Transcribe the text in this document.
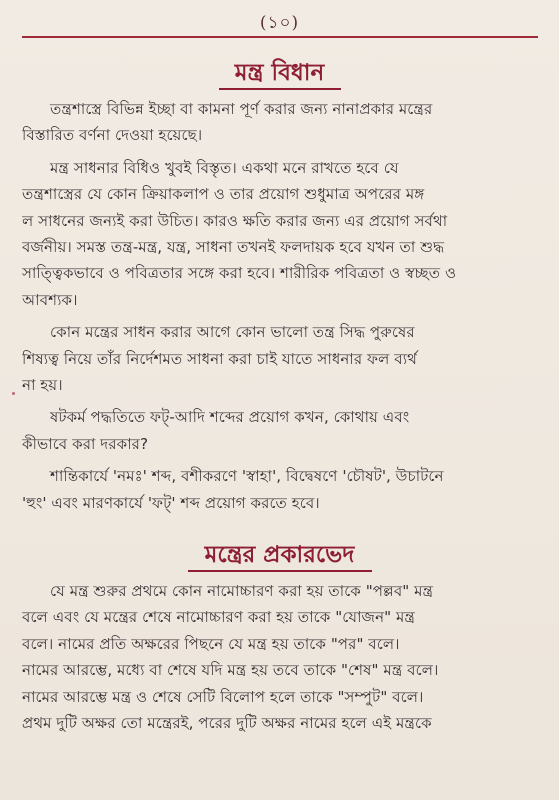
(১০)
মন্ত্র বিধান
তন্ত্রশাস্ত্রে বিভিন্ন ইচ্ছা বা কামনা পূর্ণ করার জন্য নানাপ্রকার মন্ত্রের
বিস্তারিত বর্ণনা দেওয়া হয়েছে।
মন্ত্র সাধনার বিধিও খুবই বিস্তৃত। একথা মনে রাখতে হবে যে
তন্ত্রশাস্ত্রের যে কোন ক্রিয়াকলাপ ও তার প্রয়োগ শুধুমাত্র অপরের মঙ্গ
ল সাধনের জন্যই করা উচিত। কারও ক্ষতি করার জন্য এর প্রয়োগ সর্বথা
বর্জনীয়। সমস্ত তন্ত্র-মন্ত্র, যন্ত্র, সাধনা তখনই ফলদায়ক হবে যখন তা শুদ্ধ
সাত্ত্বিকভাবে ও পবিত্রতার সঙ্গে করা হবে। শারীরিক পবিত্রতা ও স্বচ্ছত ও
আবশ্যক।
কোন মন্ত্রের সাধন করার আগে কোন ভালো তন্ত্র সিদ্ধ পুরুষের
শিষ্যত্ব নিয়ে তাঁর নির্দেশমত সাধনা করা চাই যাতে সাধনার ফল ব্যর্থ
না হয়।
ষটকর্ম পদ্ধতিতে ফট্-আদি শব্দের প্রয়োগ কখন, কোথায় এবং
কীভাবে করা দরকার?
শান্তিকার্যে 'নমঃ' শব্দ, বশীকরণে 'স্বাহা', বিদ্বেষণে 'চৌষট', উচাটনে
'হুং' এবং মারণকার্যে 'ফট্' শব্দ প্রয়োগ করতে হবে।
মন্ত্রের প্রকারভেদ
যে মন্ত্র শুরুর প্রথমে কোন নামোচ্চারণ করা হয় তাকে "পল্লব" মন্ত্র
বলে এবং যে মন্ত্রের শেষে নামোচ্চারণ করা হয় তাকে "যোজন" মন্ত্র
বলে। নামের প্রতি অক্ষরের পিছনে যে মন্ত্র হয় তাকে "পর" বলে।
নামের আরম্ভে, মধ্যে বা শেষে যদি মন্ত্র হয় তবে তাকে "শেষ" মন্ত্র বলে।
নামের আরম্ভে মন্ত্র ও শেষে সেটি বিলোপ হলে তাকে "সম্পুট" বলে।
প্রথম দুটি অক্ষর তো মন্ত্রেরই, পরের দুটি অক্ষর নামের হলে এই মন্ত্রকে
